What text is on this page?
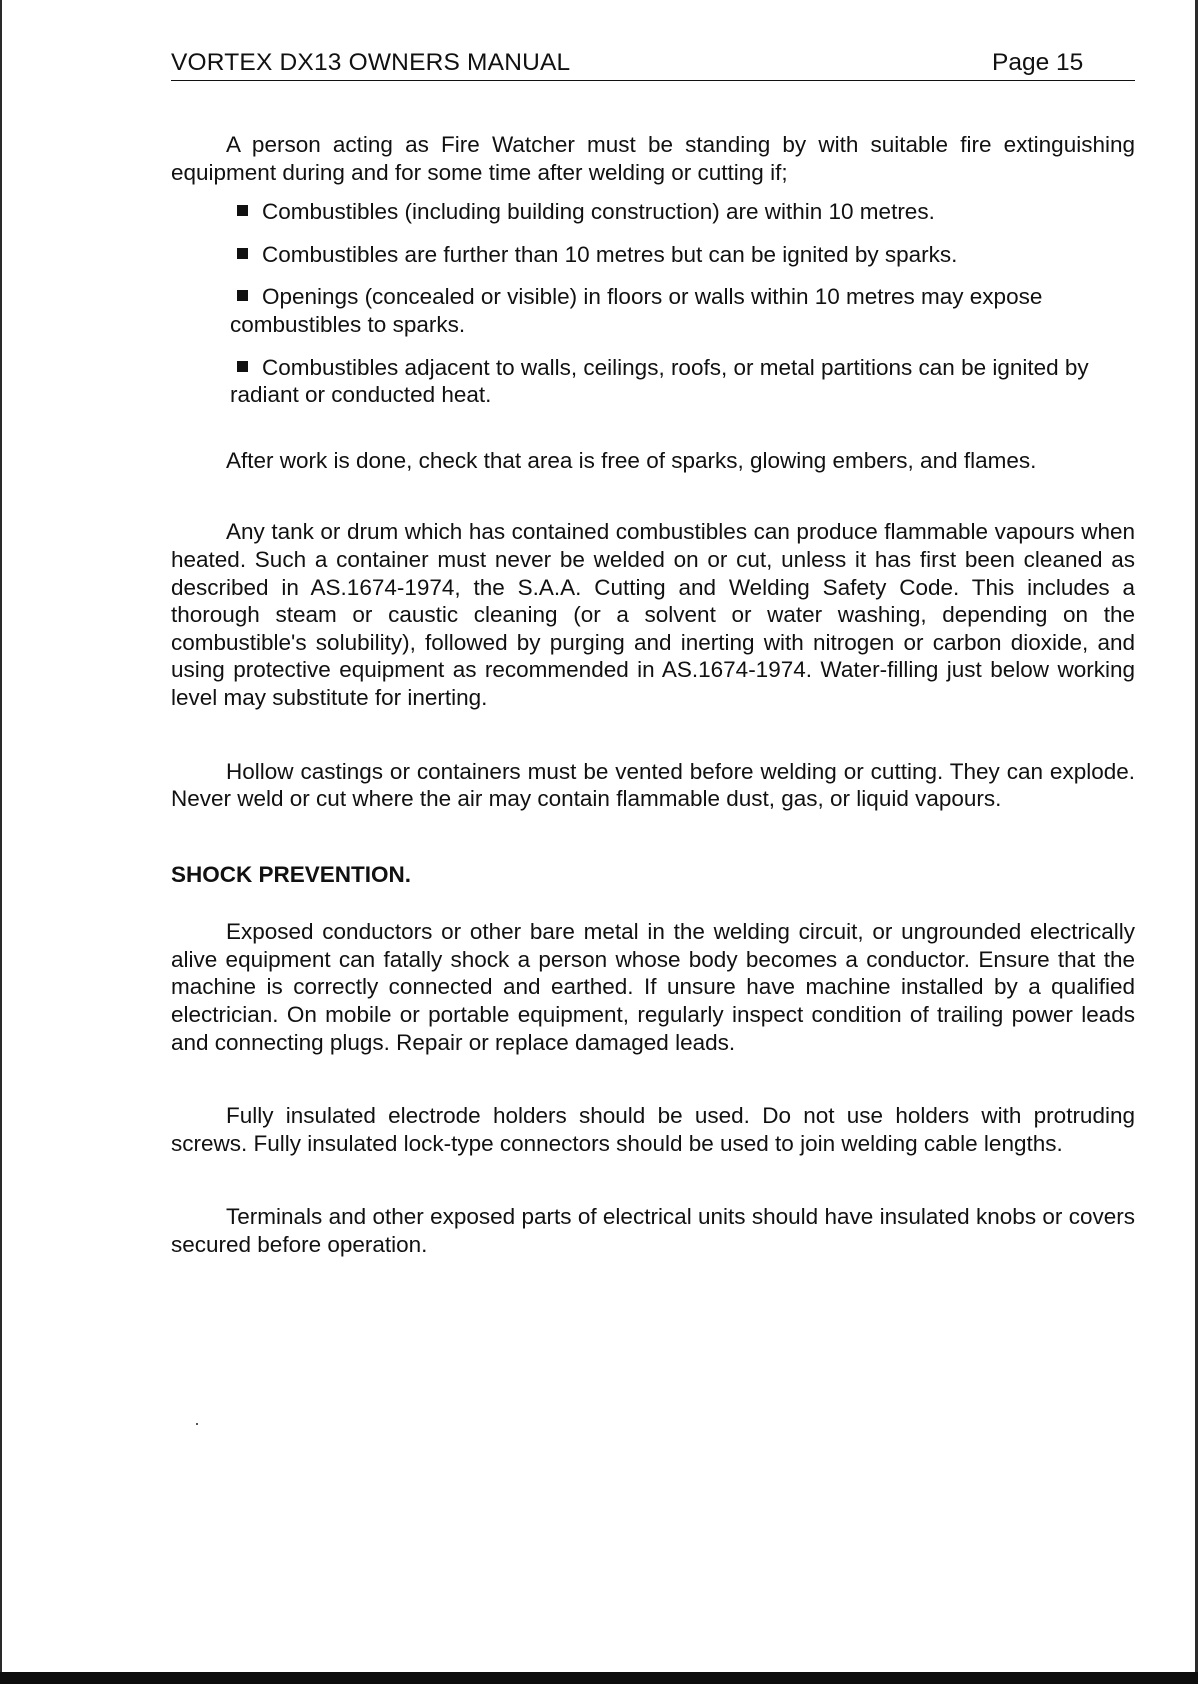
VORTEX DX13 OWNERS MANUAL	Page 15

A person acting as Fire Watcher must be standing by with suitable fire extinguishing equipment during and for some time after welding or cutting if;

Combustibles (including building construction) are within 10 metres.
Combustibles are further than 10 metres but can be ignited by sparks.
Openings (concealed or visible) in floors or walls within 10 metres may expose
combustibles to sparks.
Combustibles adjacent to walls, ceilings, roofs, or metal partitions can be ignited by
radiant or conducted heat.

After work is done, check that area is free of sparks, glowing embers, and flames.

Any tank or drum which has contained combustibles can produce flammable vapours when heated. Such a container must never be welded on or cut, unless it has first been cleaned as described in AS.1674-1974, the S.A.A. Cutting and Welding Safety Code. This includes a thorough steam or caustic cleaning (or a solvent or water washing, depending on the combustible's solubility), followed by purging and inerting with nitrogen or carbon dioxide, and using protective equipment as recommended in AS.1674-1974. Water-filling just below working level may substitute for inerting.

Hollow castings or containers must be vented before welding or cutting. They can explode. Never weld or cut where the air may contain flammable dust, gas, or liquid vapours.

SHOCK PREVENTION.

Exposed conductors or other bare metal in the welding circuit, or ungrounded electrically alive equipment can fatally shock a person whose body becomes a conductor. Ensure that the machine is correctly connected and earthed. If unsure have machine installed by a qualified electrician. On mobile or portable equipment, regularly inspect condition of trailing power leads and connecting plugs. Repair or replace damaged leads.

Fully insulated electrode holders should be used. Do not use holders with protruding screws. Fully insulated lock-type connectors should be used to join welding cable lengths.

Terminals and other exposed parts of electrical units should have insulated knobs or covers secured before operation.
